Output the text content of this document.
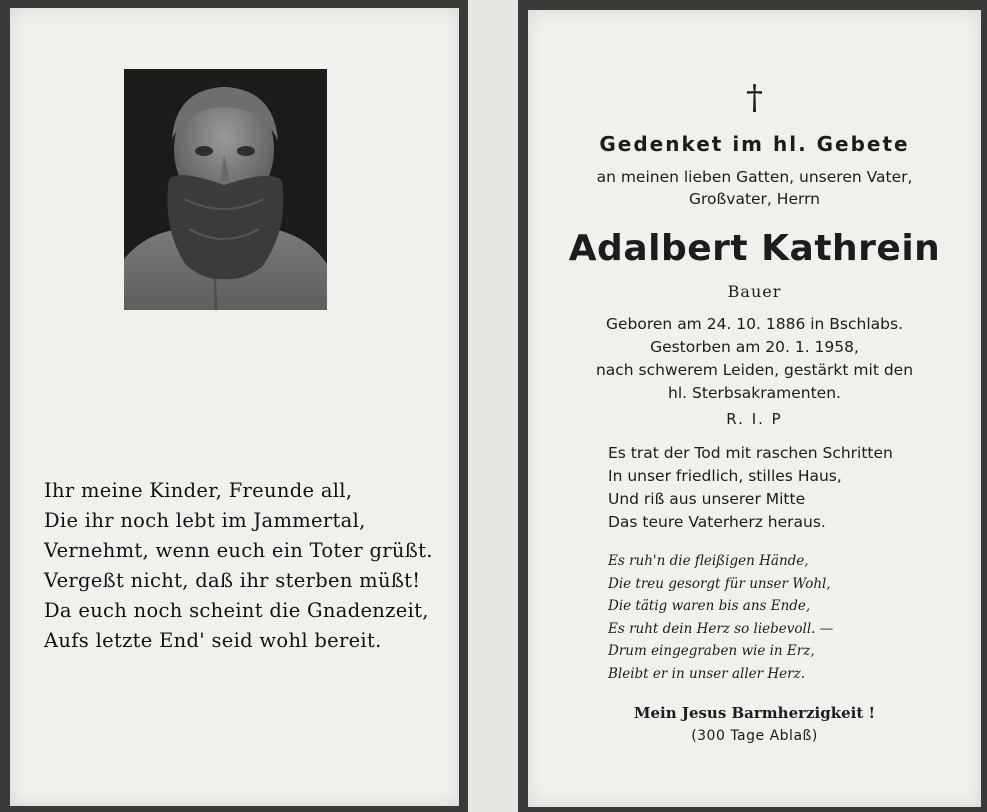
Ihr meine Kinder, Freunde all,
Die ihr noch lebt im Jammertal,
Vernehmt, wenn euch ein Toter grüßt.
Vergeßt nicht, daß ihr sterben müßt!
Da euch noch scheint die Gnadenzeit,
Aufs letzte End' seid wohl bereit.
†
Gedenket im hl. Gebete
an meinen lieben Gatten, unseren Vater,
Großvater, Herrn
Adalbert Kathrein
Bauer
Geboren am 24. 10. 1886 in Bschlabs.
Gestorben am 20. 1. 1958,
nach schwerem Leiden, gestärkt mit den
hl. Sterbsakramenten.
R. I. P
Es trat der Tod mit raschen Schritten
In unser friedlich, stilles Haus,
Und riß aus unserer Mitte
Das teure Vaterherz heraus.
Es ruh'n die fleißigen Hände,
Die treu gesorgt für unser Wohl,
Die tätig waren bis ans Ende,
Es ruht dein Herz so liebevoll. —
Drum eingegraben wie in Erz,
Bleibt er in unser aller Herz.
Mein Jesus Barmherzigkeit !
(300 Tage Ablaß)
